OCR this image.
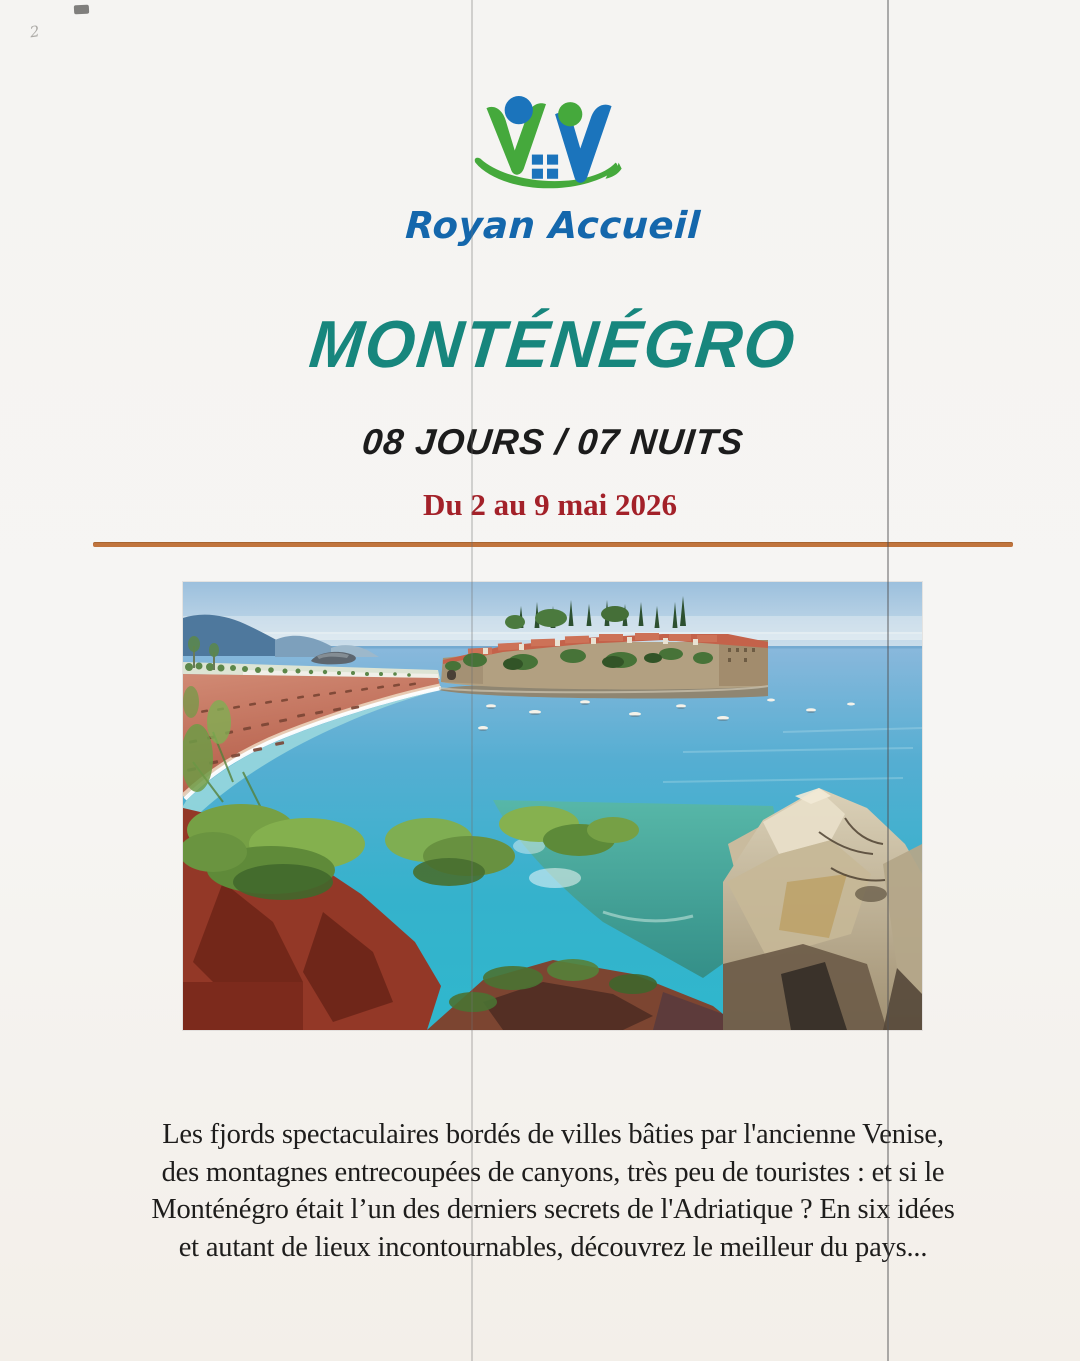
2
Royan Accueil
MONTÉNÉGRO
08 JOURS / 07 NUITS
Du 2 au 9 mai 2026
Les fjords spectaculaires bordés de villes bâties par l'ancienne Venise,
des montagnes entrecoupées de canyons, très peu de touristes : et si le
Monténégro était l’un des derniers secrets de l'Adriatique ? En six idées
et autant de lieux incontournables, découvrez le meilleur du pays...
